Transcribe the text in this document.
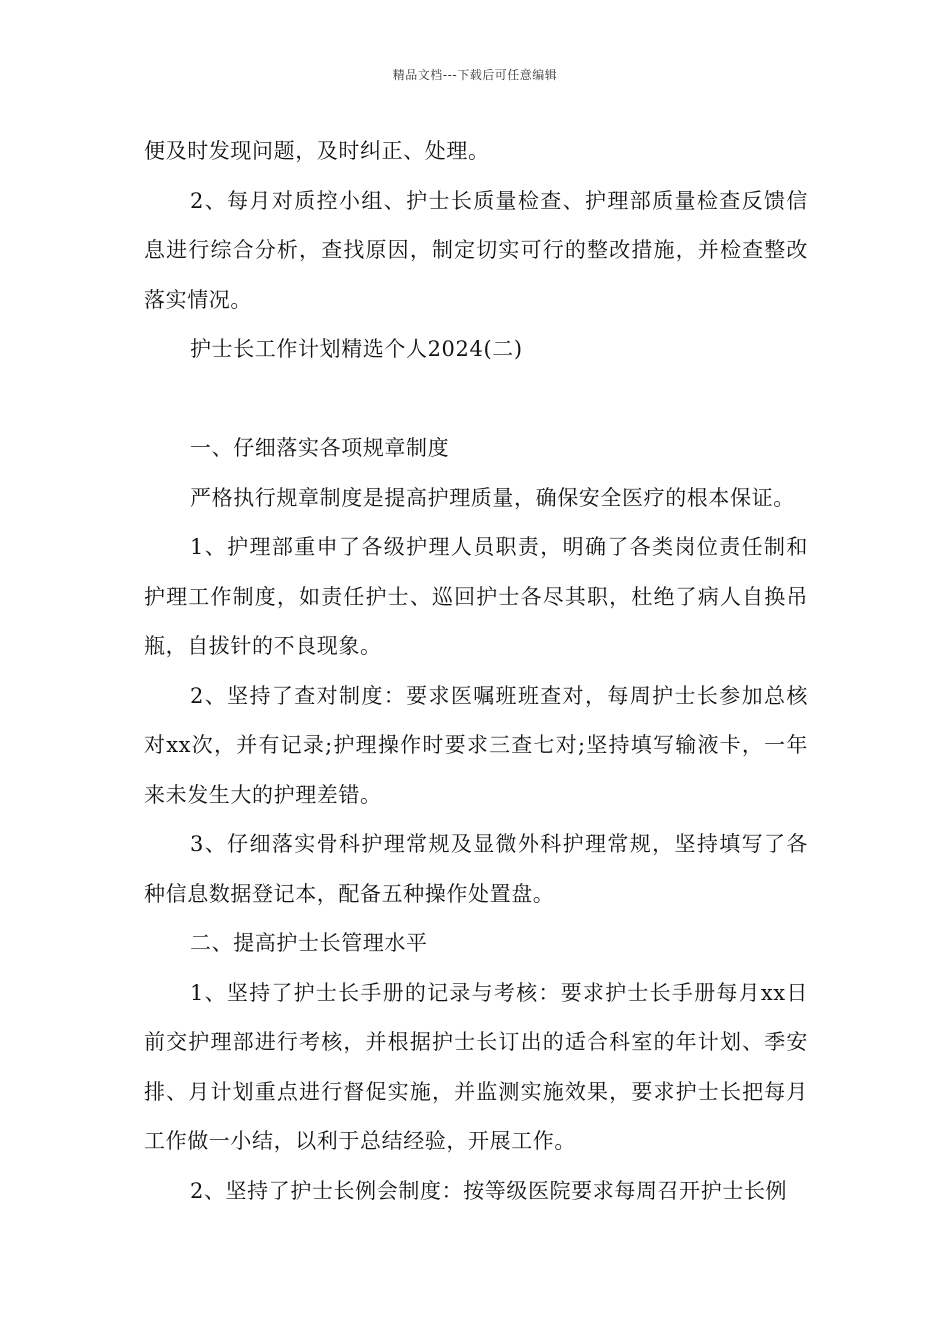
精品文档---下载后可任意编辑

便及时发现问题，及时纠正、处理。

2、每月对质控小组、护士长质量检查、护理部质量检查反馈信息进行综合分析，查找原因，制定切实可行的整改措施，并检查整改落实情况。

护士长工作计划精选个人2024(二)

一、仔细落实各项规章制度

严格执行规章制度是提高护理质量，确保安全医疗的根本保证。

1、护理部重申了各级护理人员职责，明确了各类岗位责任制和护理工作制度，如责任护士、巡回护士各尽其职，杜绝了病人自换吊瓶，自拔针的不良现象。

2、坚持了查对制度：要求医嘱班班查对，每周护士长参加总核对xx次，并有记录;护理操作时要求三查七对;坚持填写输液卡，一年来未发生大的护理差错。

3、仔细落实骨科护理常规及显微外科护理常规，坚持填写了各种信息数据登记本，配备五种操作处置盘。

二、提高护士长管理水平

1、坚持了护士长手册的记录与考核：要求护士长手册每月xx日前交护理部进行考核，并根据护士长订出的适合科室的年计划、季安排、月计划重点进行督促实施，并监测实施效果，要求护士长把每月工作做一小结，以利于总结经验，开展工作。

2、坚持了护士长例会制度：按等级医院要求每周召开护士长例
